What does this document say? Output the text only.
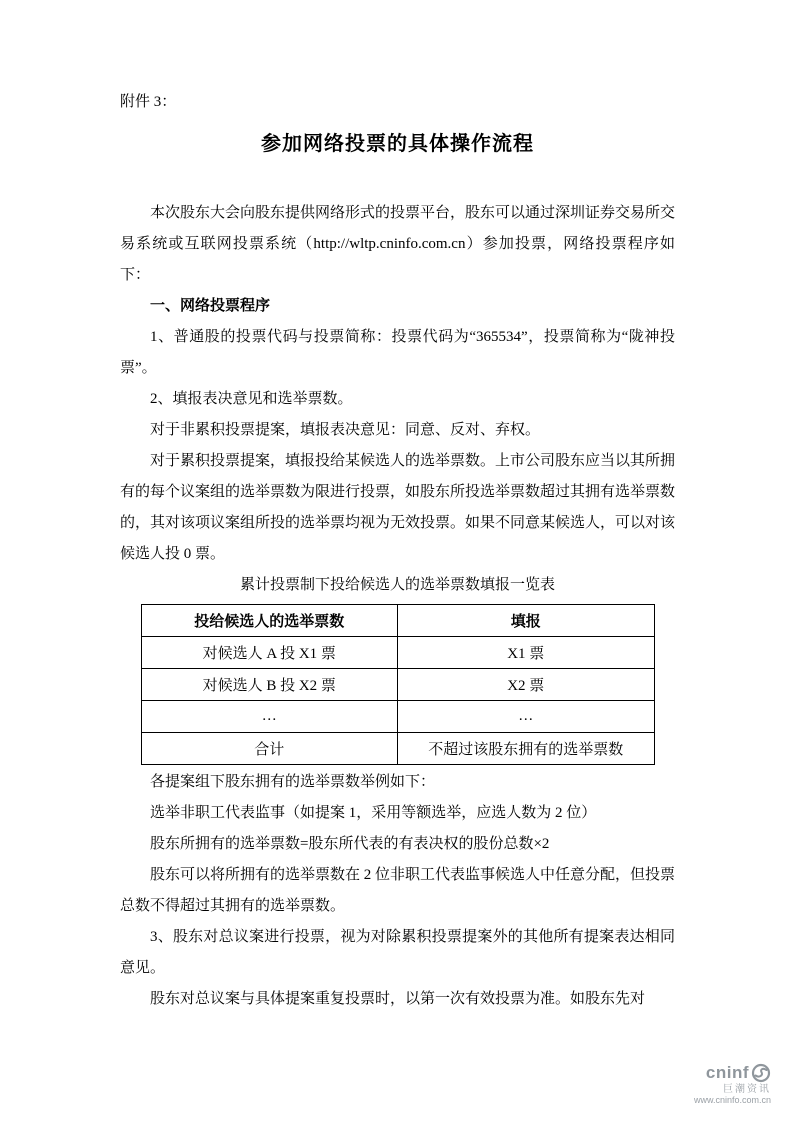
附件 3：

参加网络投票的具体操作流程

本次股东大会向股东提供网络形式的投票平台，股东可以通过深圳证券交易所交易系统或互联网投票系统（http://wltp.cninfo.com.cn）参加投票，网络投票程序如下：

一、网络投票程序

1、普通股的投票代码与投票简称：投票代码为“365534”，投票简称为“陇神投票”。

2、填报表决意见和选举票数。

对于非累积投票提案，填报表决意见：同意、反对、弃权。

对于累积投票提案，填报投给某候选人的选举票数。上市公司股东应当以其所拥有的每个议案组的选举票数为限进行投票，如股东所投选举票数超过其拥有选举票数的，其对该项议案组所投的选举票均视为无效投票。如果不同意某候选人，可以对该候选人投 0 票。

累计投票制下投给候选人的选举票数填报一览表

投给候选人的选举票数	填报
对候选人 A 投 X1 票	X1 票
对候选人 B 投 X2 票	X2 票
…	…
合计	不超过该股东拥有的选举票数

各提案组下股东拥有的选举票数举例如下：

选举非职工代表监事（如提案 1，采用等额选举，应选人数为 2 位）

股东所拥有的选举票数=股东所代表的有表决权的股份总数×2

股东可以将所拥有的选举票数在 2 位非职工代表监事候选人中任意分配，但投票总数不得超过其拥有的选举票数。

3、股东对总议案进行投票，视为对除累积投票提案外的其他所有提案表达相同意见。

股东对总议案与具体提案重复投票时，以第一次有效投票为准。如股东先对

cninf
巨潮资讯
www.cninfo.com.cn
